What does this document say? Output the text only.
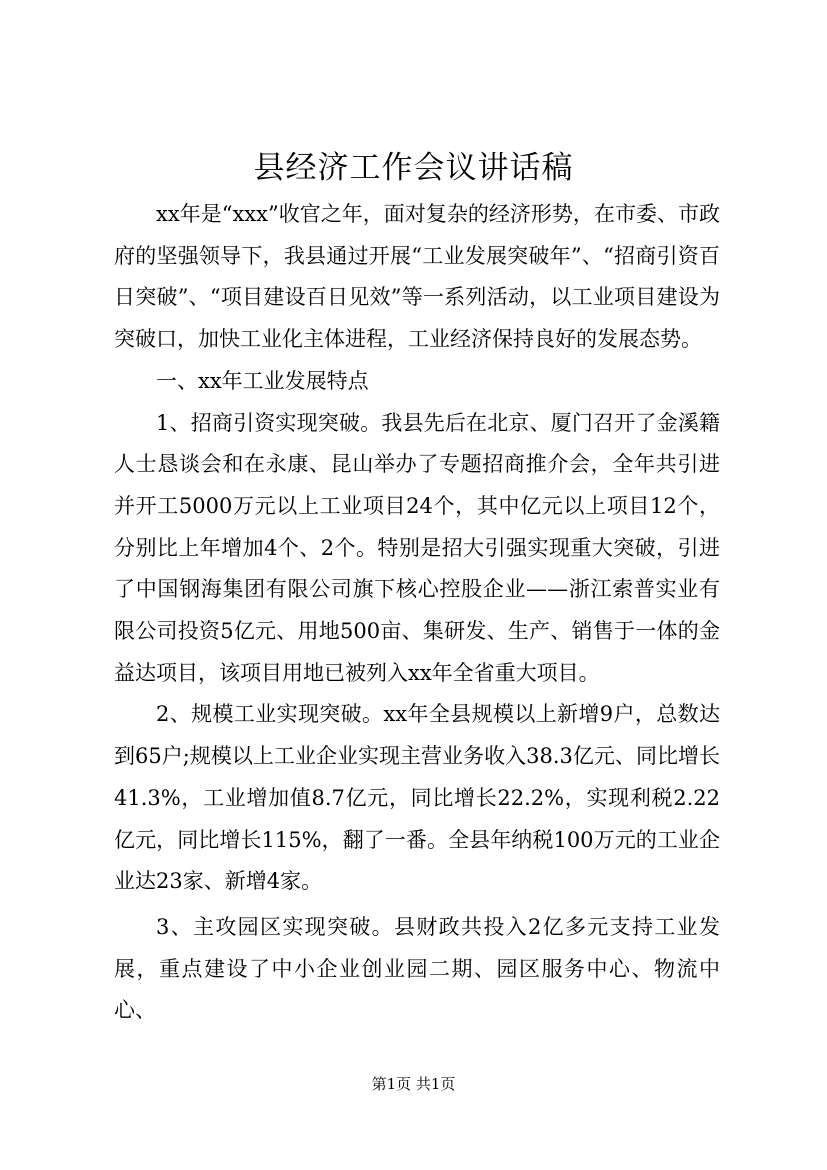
县经济工作会议讲话稿

xx年是“xxx”收官之年，面对复杂的经济形势，在市委、市政府的坚强领导下，我县通过开展“工业发展突破年”、“招商引资百日突破”、“项目建设百日见效”等一系列活动，以工业项目建设为突破口，加快工业化主体进程，工业经济保持良好的发展态势。

一、xx年工业发展特点

1、招商引资实现突破。我县先后在北京、厦门召开了金溪籍人士恳谈会和在永康、昆山举办了专题招商推介会，全年共引进并开工5000万元以上工业项目24个，其中亿元以上项目12个，分别比上年增加4个、2个。特别是招大引强实现重大突破，引进了中国钢海集团有限公司旗下核心控股企业——浙江索普实业有限公司投资5亿元、用地500亩、集研发、生产、销售于一体的金益达项目，该项目用地已被列入xx年全省重大项目。

2、规模工业实现突破。xx年全县规模以上新增9户，总数达到65户;规模以上工业企业实现主营业务收入38.3亿元、同比增长41.3%，工业增加值8.7亿元，同比增长22.2%，实现利税2.22亿元，同比增长115%，翻了一番。全县年纳税100万元的工业企业达23家、新增4家。

3、主攻园区实现突破。县财政共投入2亿多元支持工业发展，重点建设了中小企业创业园二期、园区服务中心、物流中心、

第1页 共1页
